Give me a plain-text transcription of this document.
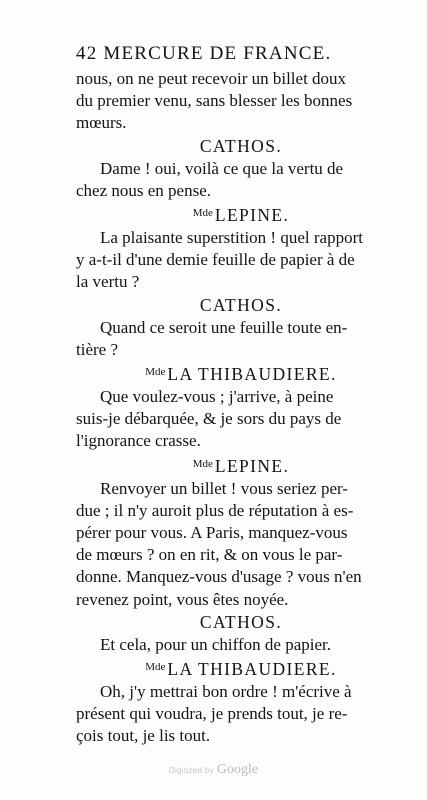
42 MERCURE DE FRANCE.
nous, on ne peut recevoir un billet doux
du premier venu, sans blesser les bonnes
mœurs.
CATHOS.
Dame ! oui, voilà ce que la vertu de
chez nous en pense.
$^{Mde}$ LEPINE.
La plaisante superstition ! quel rapport
y a-t-il d'une demie feuille de papier à de
la vertu ?
CATHOS.
Quand ce seroit une feuille toute en-
tière ?
$^{Mde}$ LA THIBAUDIERE.
Que voulez-vous ; j'arrive, à peine
suis-je débarquée, & je sors du pays de
l'ignorance crasse.
$^{Mde}$ LEPINE.
Renvoyer un billet ! vous seriez per-
due ; il n'y auroit plus de réputation à es-
pérer pour vous. A Paris, manquez-vous
de mœurs ? on en rit, & on vous le par-
donne. Manquez-vous d'usage ? vous n'en
revenez point, vous êtes noyée.
CATHOS.
Et cela, pour un chiffon de papier.
$^{Mde}$ LA THIBAUDIERE.
Oh, j'y mettrai bon ordre ! m'écrive à
présent qui voudra, je prends tout, je re-
çois tout, je lis tout.
Digitized by Google
